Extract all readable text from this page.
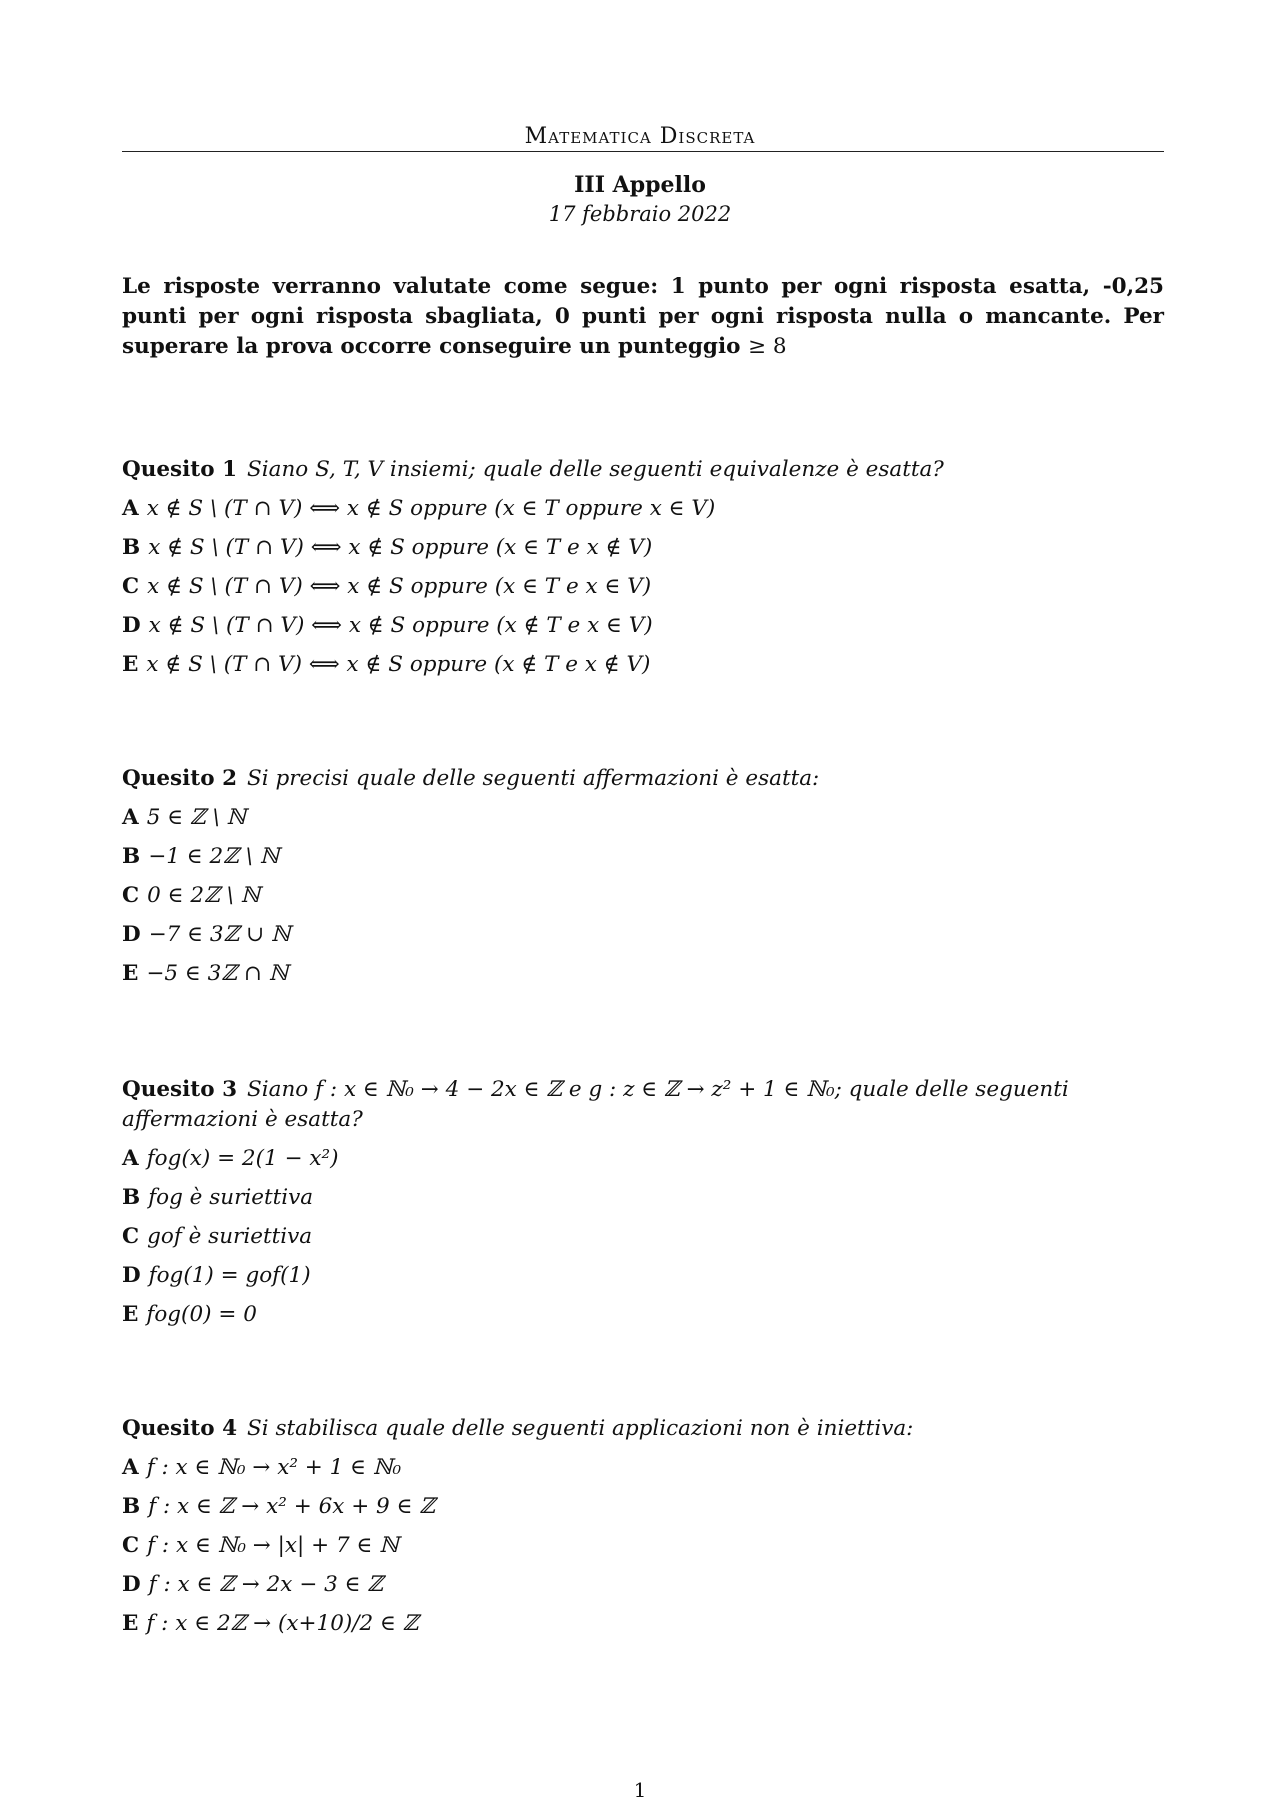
Matematica Discreta
III Appello
17 febbraio 2022
Le risposte verranno valutate come segue: 1 punto per ogni risposta esatta, -0,25 punti per ogni risposta sbagliata, 0 punti per ogni risposta nulla o mancante. Per superare la prova occorre conseguire un punteggio ≥ 8
Quesito 1 Siano S, T, V insiemi; quale delle seguenti equivalenze è esatta?
A x ∉ S \ (T ∩ V) ⟺ x ∉ S oppure (x ∈ T oppure x ∈ V)
B x ∉ S \ (T ∩ V) ⟺ x ∉ S oppure (x ∈ T e x ∉ V)
C x ∉ S \ (T ∩ V) ⟺ x ∉ S oppure (x ∈ T e x ∈ V)
D x ∉ S \ (T ∩ V) ⟺ x ∉ S oppure (x ∉ T e x ∈ V)
E x ∉ S \ (T ∩ V) ⟺ x ∉ S oppure (x ∉ T e x ∉ V)
Quesito 2 Si precisi quale delle seguenti affermazioni è esatta:
A 5 ∈ ℤ \ ℕ
B −1 ∈ 2ℤ \ ℕ
C 0 ∈ 2ℤ \ ℕ
D −7 ∈ 3ℤ ∪ ℕ
E −5 ∈ 3ℤ ∩ ℕ
Quesito 3 Siano f : x ∈ ℕ₀ → 4 − 2x ∈ ℤ e g : z ∈ ℤ → z² + 1 ∈ ℕ₀; quale delle seguenti affermazioni è esatta?
A fog(x) = 2(1 − x²)
B fog è suriettiva
C gof è suriettiva
D fog(1) = gof(1)
E fog(0) = 0
Quesito 4 Si stabilisca quale delle seguenti applicazioni non è iniettiva:
A f : x ∈ ℕ₀ → x² + 1 ∈ ℕ₀
B f : x ∈ ℤ → x² + 6x + 9 ∈ ℤ
C f : x ∈ ℕ₀ → |x| + 7 ∈ ℕ
D f : x ∈ ℤ → 2x − 3 ∈ ℤ
E f : x ∈ 2ℤ → (x+10)/2 ∈ ℤ
1
